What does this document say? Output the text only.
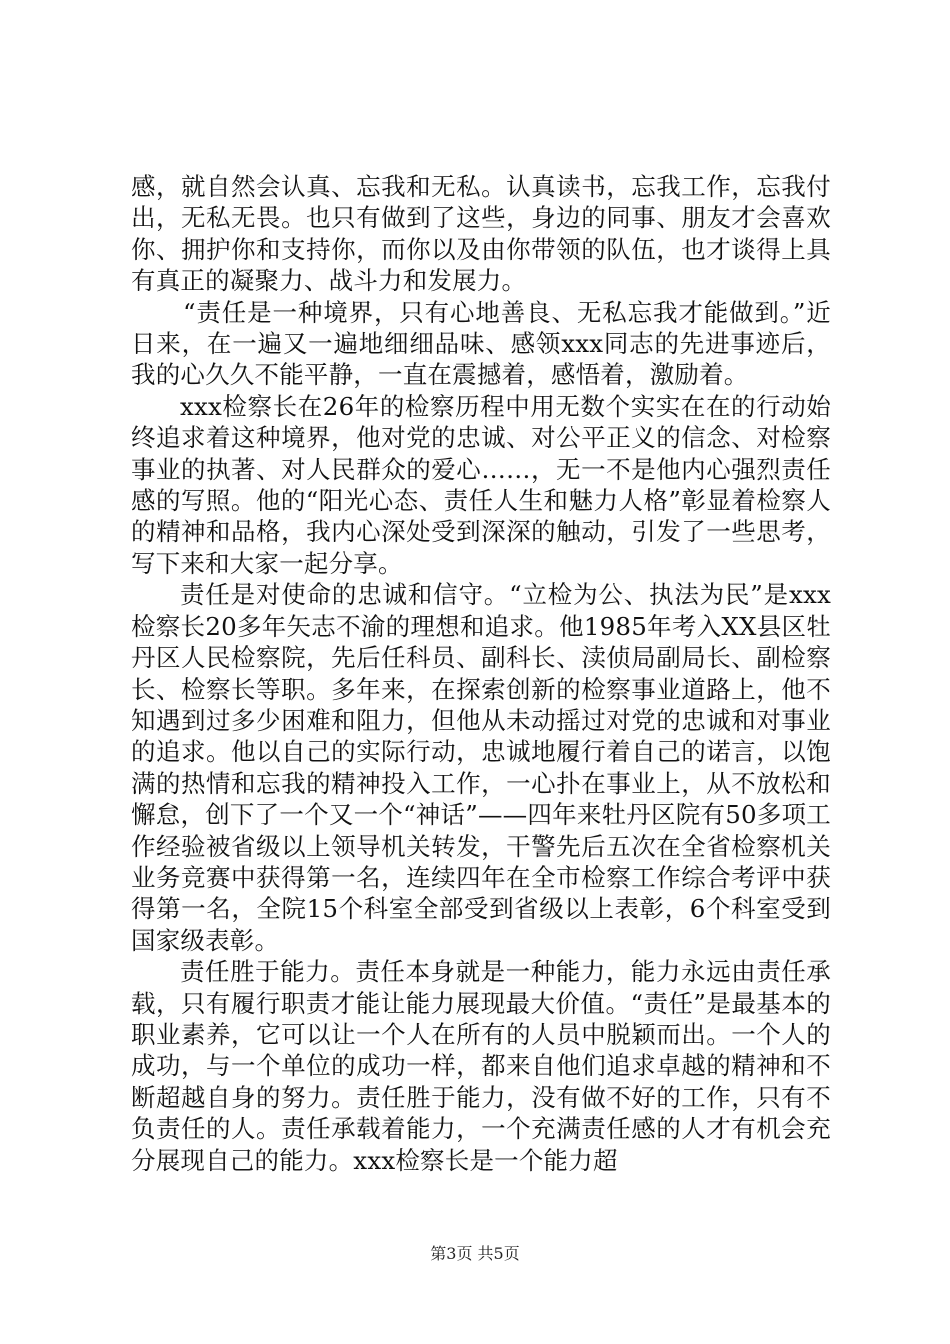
感，就自然会认真、忘我和无私。认真读书，忘我工作，忘我付出，无私无畏。也只有做到了这些，身边的同事、朋友才会喜欢你、拥护你和支持你，而你以及由你带领的队伍，也才谈得上具有真正的凝聚力、战斗力和发展力。

“责任是一种境界，只有心地善良、无私忘我才能做到。”近日来，在一遍又一遍地细细品味、感领xxx同志的先进事迹后，我的心久久不能平静，一直在震撼着，感悟着，激励着。

xxx检察长在26年的检察历程中用无数个实实在在的行动始终追求着这种境界，他对党的忠诚、对公平正义的信念、对检察事业的执著、对人民群众的爱心……，无一不是他内心强烈责任感的写照。他的“阳光心态、责任人生和魅力人格”彰显着检察人的精神和品格，我内心深处受到深深的触动，引发了一些思考，写下来和大家一起分享。

责任是对使命的忠诚和信守。“立检为公、执法为民”是xxx检察长20多年矢志不渝的理想和追求。他1985年考入XX县区牡丹区人民检察院，先后任科员、副科长、渎侦局副局长、副检察长、检察长等职。多年来，在探索创新的检察事业道路上，他不知遇到过多少困难和阻力，但他从未动摇过对党的忠诚和对事业的追求。他以自己的实际行动，忠诚地履行着自己的诺言，以饱满的热情和忘我的精神投入工作，一心扑在事业上，从不放松和懈怠，创下了一个又一个“神话”——四年来牡丹区院有50多项工作经验被省级以上领导机关转发，干警先后五次在全省检察机关业务竞赛中获得第一名，连续四年在全市检察工作综合考评中获得第一名，全院15个科室全部受到省级以上表彰，6个科室受到国家级表彰。

责任胜于能力。责任本身就是一种能力，能力永远由责任承载，只有履行职责才能让能力展现最大价值。“责任”是最基本的职业素养，它可以让一个人在所有的人员中脱颖而出。一个人的成功，与一个单位的成功一样，都来自他们追求卓越的精神和不断超越自身的努力。责任胜于能力，没有做不好的工作，只有不负责任的人。责任承载着能力，一个充满责任感的人才有机会充分展现自己的能力。xxx检察长是一个能力超

第3页 共5页
